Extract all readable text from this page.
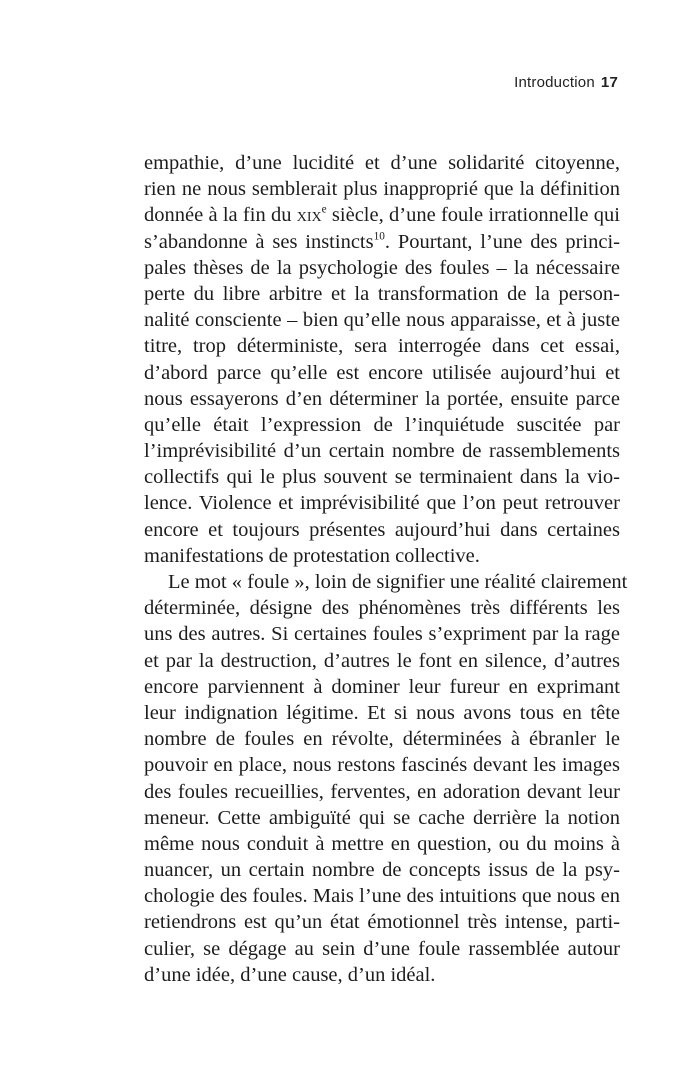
Introduction 17
empathie, d’une lucidité et d’une solidarité citoyenne,
rien ne nous semblerait plus inapproprié que la définition
donnée à la fin du xix$^e$ siècle, d’une foule irrationnelle qui
s’abandonne à ses instincts$^{10}$. Pourtant, l’une des princi-
pales thèses de la psychologie des foules – la nécessaire
perte du libre arbitre et la transformation de la person-
nalité consciente – bien qu’elle nous apparaisse, et à juste
titre, trop déterministe, sera interrogée dans cet essai,
d’abord parce qu’elle est encore utilisée aujourd’hui et
nous essayerons d’en déterminer la portée, ensuite parce
qu’elle était l’expression de l’inquiétude suscitée par
l’imprévisibilité d’un certain nombre de rassemblements
collectifs qui le plus souvent se terminaient dans la vio-
lence. Violence et imprévisibilité que l’on peut retrouver
encore et toujours présentes aujourd’hui dans certaines
manifestations de protestation collective.
Le mot « foule », loin de signifier une réalité clairement
déterminée, désigne des phénomènes très différents les
uns des autres. Si certaines foules s’expriment par la rage
et par la destruction, d’autres le font en silence, d’autres
encore parviennent à dominer leur fureur en exprimant
leur indignation légitime. Et si nous avons tous en tête
nombre de foules en révolte, déterminées à ébranler le
pouvoir en place, nous restons fascinés devant les images
des foules recueillies, ferventes, en adoration devant leur
meneur. Cette ambiguïté qui se cache derrière la notion
même nous conduit à mettre en question, ou du moins à
nuancer, un certain nombre de concepts issus de la psy-
chologie des foules. Mais l’une des intuitions que nous en
retiendrons est qu’un état émotionnel très intense, parti-
culier, se dégage au sein d’une foule rassemblée autour
d’une idée, d’une cause, d’un idéal.
